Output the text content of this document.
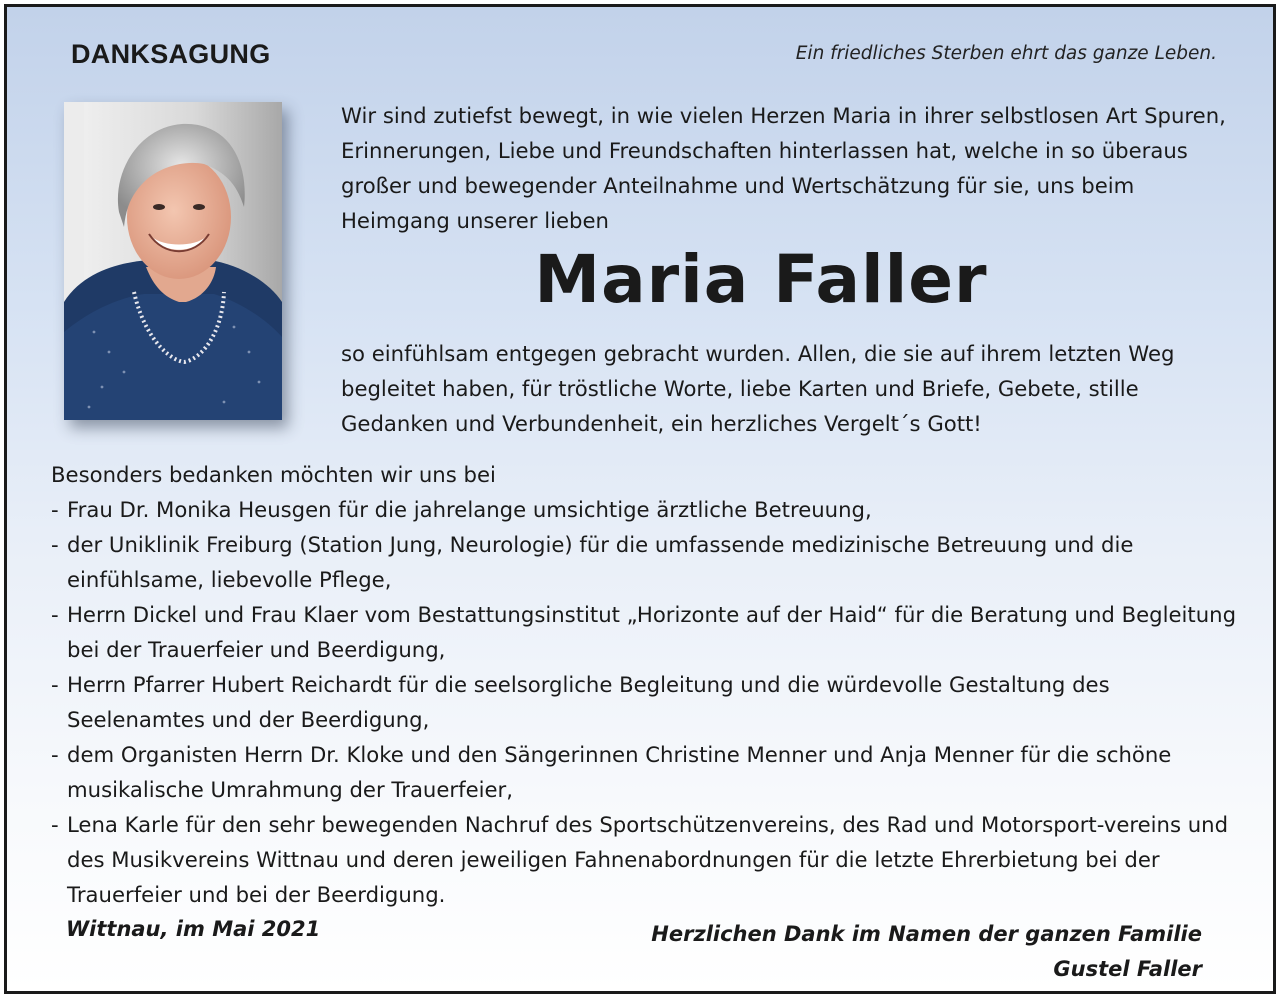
DANKSAGUNG	Ein friedliches Sterben ehrt das ganze Leben.

Wir sind zutiefst bewegt, in wie vielen Herzen Maria in ihrer selbstlosen Art Spuren, Erinnerungen, Liebe und Freundschaften hinterlassen hat, welche in so überaus großer und bewegender Anteilnahme und Wertschätzung für sie, uns beim Heimgang unserer lieben

Maria Faller

so einfühlsam entgegen gebracht wurden. Allen, die sie auf ihrem letzten Weg begleitet haben, für tröstliche Worte, liebe Karten und Briefe, Gebete, stille Gedanken und Verbundenheit, ein herzliches Vergelt´s Gott!

Besonders bedanken möchten wir uns bei

- Frau Dr. Monika Heusgen für die jahrelange umsichtige ärztliche Betreuung,
- der Uniklinik Freiburg (Station Jung, Neurologie) für die umfassende medizinische Betreuung und die einfühlsame, liebevolle Pflege,
- Herrn Dickel und Frau Klaer vom Bestattungsinstitut „Horizonte auf der Haid“ für die Beratung und Begleitung bei der Trauerfeier und Beerdigung,
- Herrn Pfarrer Hubert Reichardt für die seelsorgliche Begleitung und die würdevolle Gestaltung des Seelenamtes und der Beerdigung,
- dem Organisten Herrn Dr. Kloke und den Sängerinnen Christine Menner und Anja Menner für die schöne musikalische Umrahmung der Trauerfeier,
- Lena Karle für den sehr bewegenden Nachruf des Sportschützenvereins, des Rad und Motorsport-vereins und des Musikvereins Wittnau und deren jeweiligen Fahnenabordnungen für die letzte Ehrerbietung bei der Trauerfeier und bei der Beerdigung.
Wittnau, im Mai 2021	Herzlichen Dank im Namen der ganzen Familie
Gustel Faller
